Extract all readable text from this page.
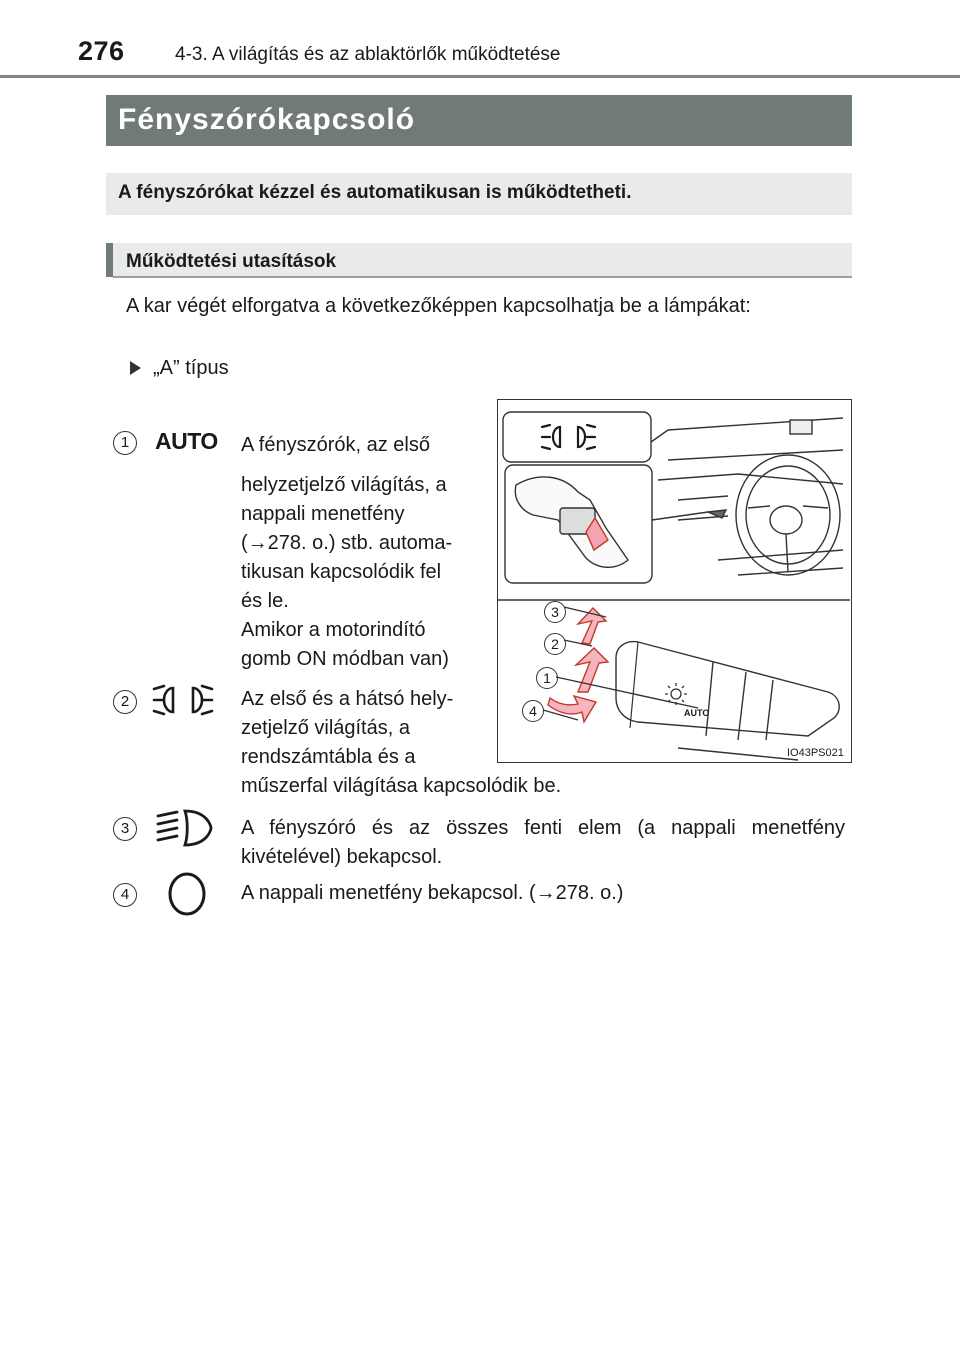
276	4-3. A világítás és az ablaktörlők működtetése
Fényszórókapcsoló
A fényszórókat kézzel és automatikusan is működtetheti.
Működtetési utasítások
A kar végét elforgatva a következőképpen kapcsolhatja be a lámpákat:
„A” típus
1	AUTO A fényszórók, az első
helyzetjelző világítás, a
nappali menetfény
(→278. o.) stb. automa-
tikusan kapcsolódik fel
és le.
Amikor a motorindító
gomb ON módban van)
2	Az első és a hátsó hely-
zetjelző világítás, a
rendszámtábla és a
műszerfal világítása kapcsolódik be.
3	A fényszóró és az összes fenti elem (a nappali menetfény kivételével) bekapcsol.
4	A nappali menetfény bekapcsol. (→278. o.)
3
2
1
4	AUTO
IO43PS021
